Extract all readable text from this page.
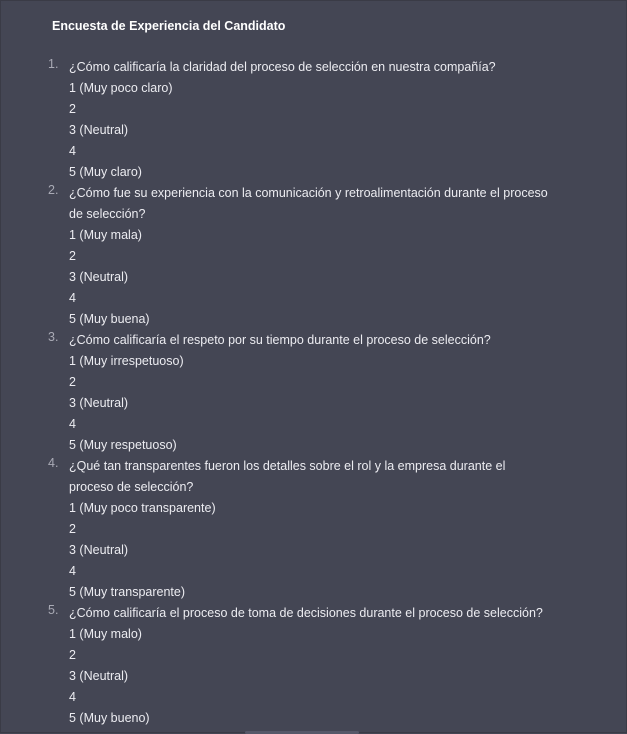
Encuesta de Experiencia del Candidato
1. ¿Cómo calificaría la claridad del proceso de selección en nuestra compañía?

1 (Muy poco claro)
2
3 (Neutral)
4
5 (Muy claro)
2. ¿Cómo fue su experiencia con la comunicación y retroalimentación durante el proceso de selección?

1 (Muy mala)
2
3 (Neutral)
4
5 (Muy buena)
3. ¿Cómo calificaría el respeto por su tiempo durante el proceso de selección?

1 (Muy irrespetuoso)
2
3 (Neutral)
4
5 (Muy respetuoso)
4. ¿Qué tan transparentes fueron los detalles sobre el rol y la empresa durante el proceso de selección?

1 (Muy poco transparente)
2
3 (Neutral)
4
5 (Muy transparente)
5. ¿Cómo calificaría el proceso de toma de decisiones durante el proceso de selección?

1 (Muy malo)
2
3 (Neutral)
4
5 (Muy bueno)
